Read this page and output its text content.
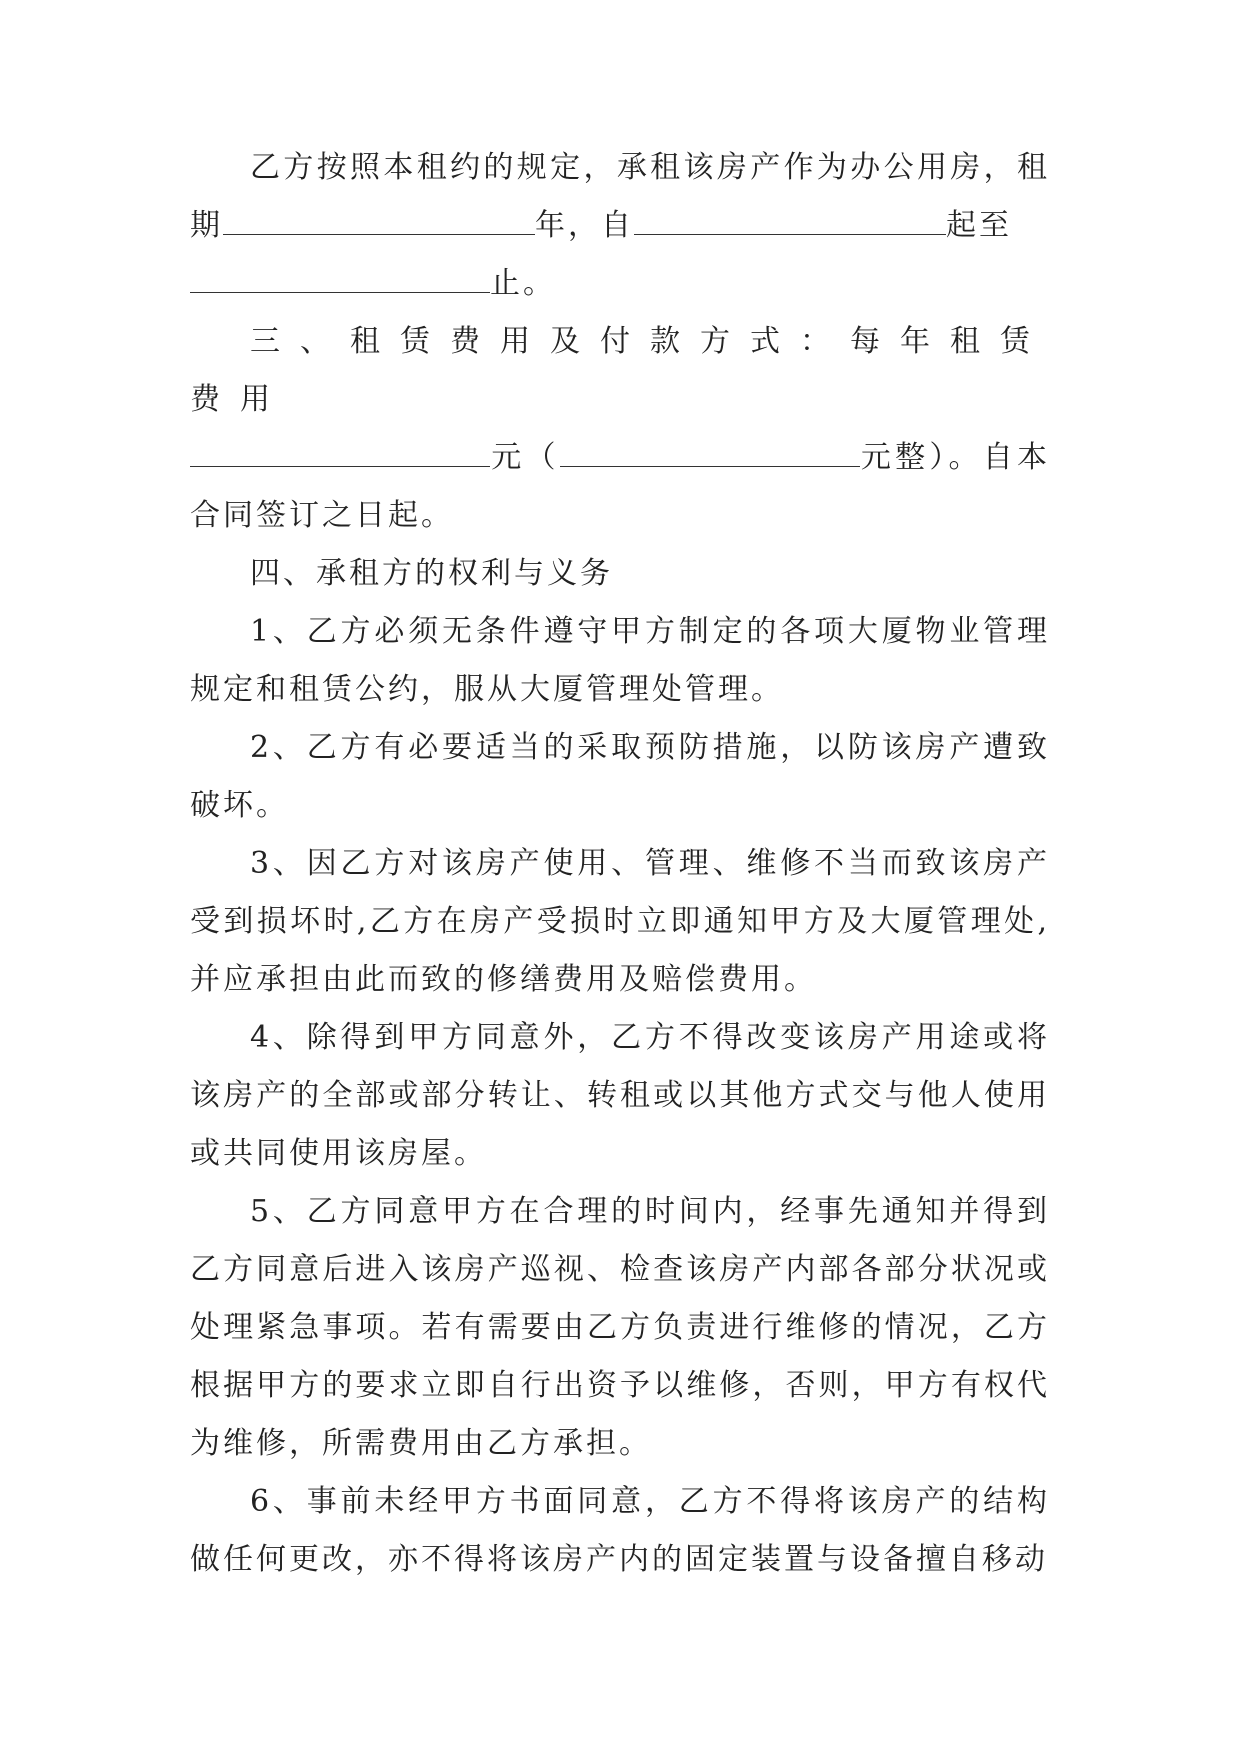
乙方按照本租约的规定，承租该房产作为办公用房，租期	年，自	起至
止。

三、租赁费用及付款方式：每年租赁费用
元（	元整）。自本合同签订之日起。

四、承租方的权利与义务

1、乙方必须无条件遵守甲方制定的各项大厦物业管理规定和租赁公约，服从大厦管理处管理。

2、乙方有必要适当的采取预防措施，以防该房产遭致破坏。

3、因乙方对该房产使用、管理、维修不当而致该房产受到损坏时,乙方在房产受损时立即通知甲方及大厦管理处,并应承担由此而致的修缮费用及赔偿费用。

4、除得到甲方同意外，乙方不得改变该房产用途或将该房产的全部或部分转让、转租或以其他方式交与他人使用或共同使用该房屋。

5、乙方同意甲方在合理的时间内，经事先通知并得到乙方同意后进入该房产巡视、检查该房产内部各部分状况或处理紧急事项。若有需要由乙方负责进行维修的情况，乙方根据甲方的要求立即自行出资予以维修，否则，甲方有权代为维修，所需费用由乙方承担。

6、事前未经甲方书面同意，乙方不得将该房产的结构做任何更改，亦不得将该房产内的固定装置与设备擅自移动
